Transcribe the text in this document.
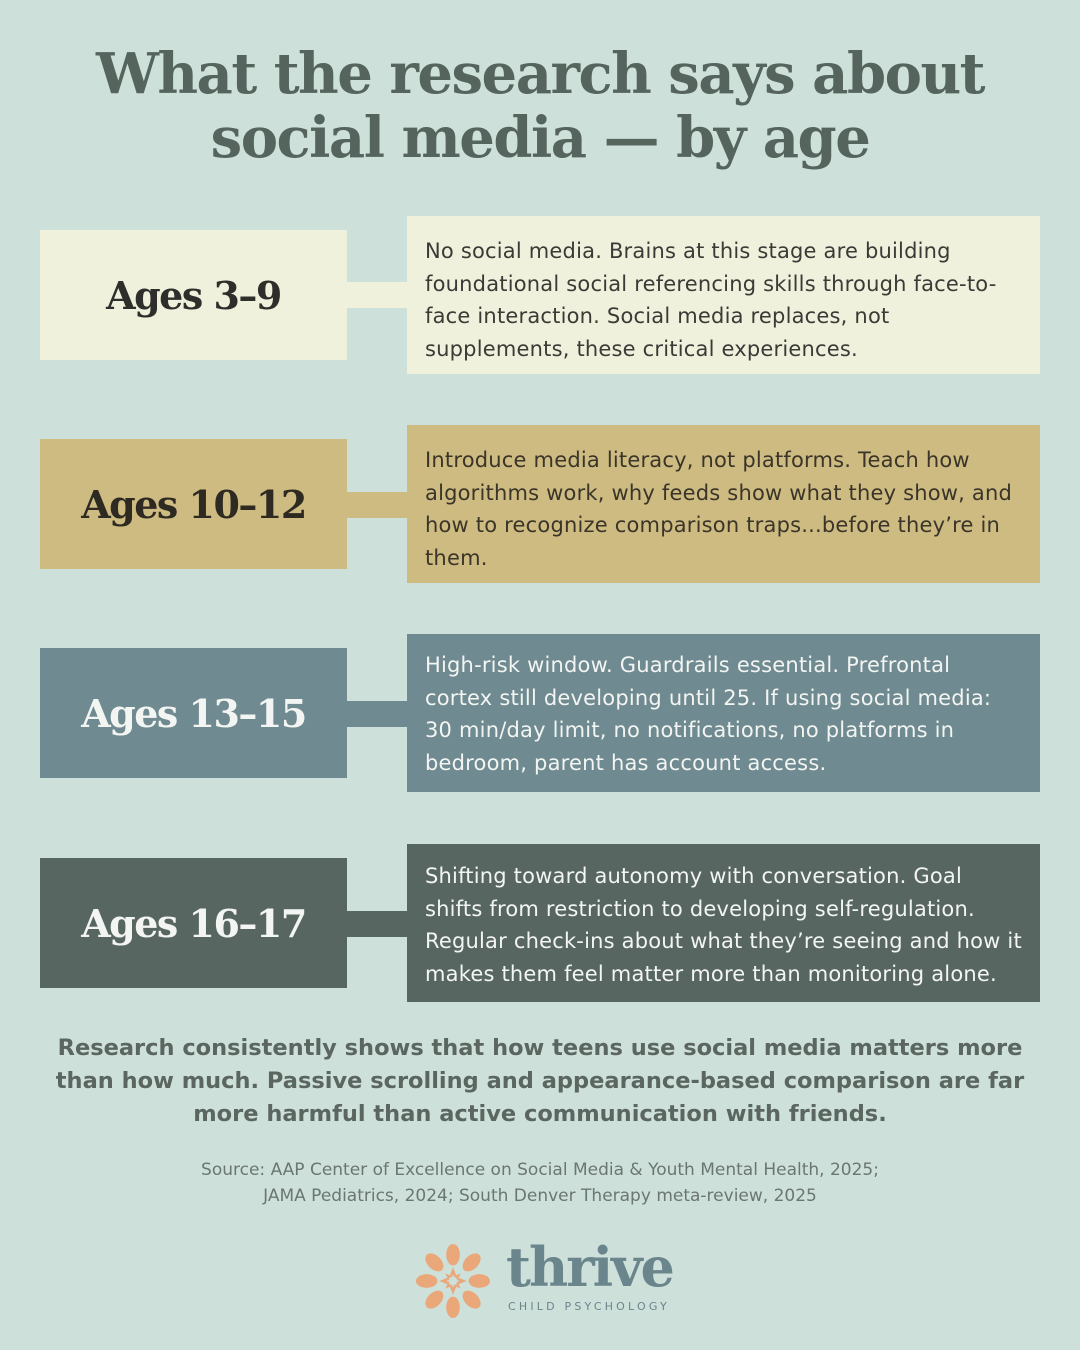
What the research says about
social media — by age
Ages 3–9
No social media. Brains at this stage are building foundational social referencing skills through face-to-face interaction. Social media replaces, not supplements, these critical experiences.
Ages 10–12
Introduce media literacy, not platforms. Teach how algorithms work, why feeds show what they show, and how to recognize comparison traps...before they’re in them.
Ages 13–15
High-risk window. Guardrails essential. Prefrontal cortex still developing until 25. If using social media: 30 min/day limit, no notifications, no platforms in bedroom, parent has account access.
Ages 16–17
Shifting toward autonomy with conversation. Goal shifts from restriction to developing self-regulation. Regular check-ins about what they’re seeing and how it makes them feel matter more than monitoring alone.

Research consistently shows that how teens use social media matters more than how much. Passive scrolling and appearance-based comparison are far more harmful than active communication with friends.

Source: AAP Center of Excellence on Social Media & Youth Mental Health, 2025;
JAMA Pediatrics, 2024; South Denver Therapy meta-review, 2025

thrive
CHILD PSYCHOLOGY
